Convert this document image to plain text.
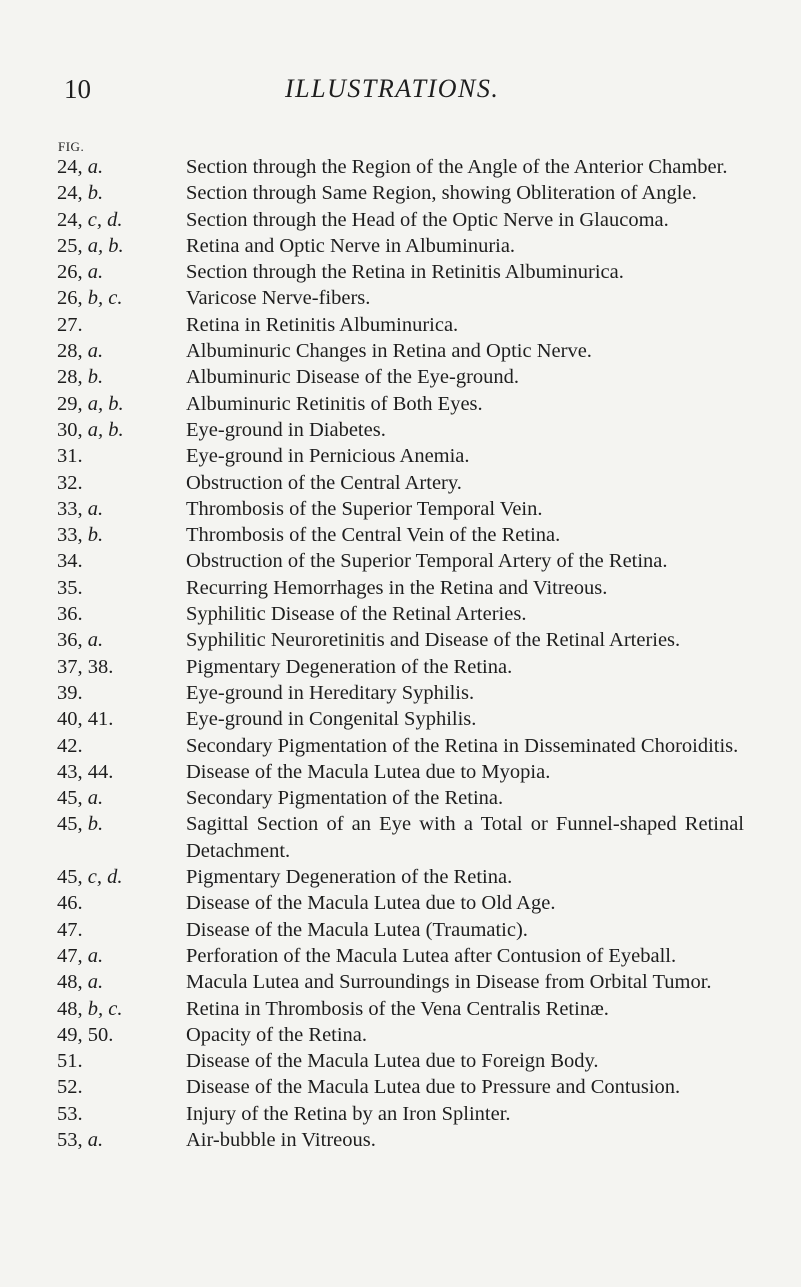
10	ILLUSTRATIONS.
FIG.
24, a.	Section through the Region of the Angle of the Anterior Chamber.
24, b.	Section through Same Region, showing Obliteration of Angle.
24, c, d.	Section through the Head of the Optic Nerve in Glaucoma.
25, a, b.	Retina and Optic Nerve in Albuminuria.
26, a.	Section through the Retina in Retinitis Albuminurica.
26, b, c.	Varicose Nerve-fibers.
27.	Retina in Retinitis Albuminurica.
28, a.	Albuminuric Changes in Retina and Optic Nerve.
28, b.	Albuminuric Disease of the Eye-ground.
29, a, b.	Albuminuric Retinitis of Both Eyes.
30, a, b.	Eye-ground in Diabetes.
31.	Eye-ground in Pernicious Anemia.
32.	Obstruction of the Central Artery.
33, a.	Thrombosis of the Superior Temporal Vein.
33, b.	Thrombosis of the Central Vein of the Retina.
34.	Obstruction of the Superior Temporal Artery of the Retina.
35.	Recurring Hemorrhages in the Retina and Vitreous.
36.	Syphilitic Disease of the Retinal Arteries.
36, a.	Syphilitic Neuroretinitis and Disease of the Retinal Arteries.
37, 38.	Pigmentary Degeneration of the Retina.
39.	Eye-ground in Hereditary Syphilis.
40, 41.	Eye-ground in Congenital Syphilis.
42.	Secondary Pigmentation of the Retina in Disseminated Choroiditis.
43, 44.	Disease of the Macula Lutea due to Myopia.
45, a.	Secondary Pigmentation of the Retina.
45, b.	Sagittal Section of an Eye with a Total or Funnel-shaped Retinal Detachment.
45, c, d.	Pigmentary Degeneration of the Retina.
46.	Disease of the Macula Lutea due to Old Age.
47.	Disease of the Macula Lutea (Traumatic).
47, a.	Perforation of the Macula Lutea after Contusion of Eyeball.
48, a.	Macula Lutea and Surroundings in Disease from Orbital Tumor.
48, b, c.	Retina in Thrombosis of the Vena Centralis Retinæ.
49, 50.	Opacity of the Retina.
51.	Disease of the Macula Lutea due to Foreign Body.
52.	Disease of the Macula Lutea due to Pressure and Contusion.
53.	Injury of the Retina by an Iron Splinter.
53, a.	Air-bubble in Vitreous.
